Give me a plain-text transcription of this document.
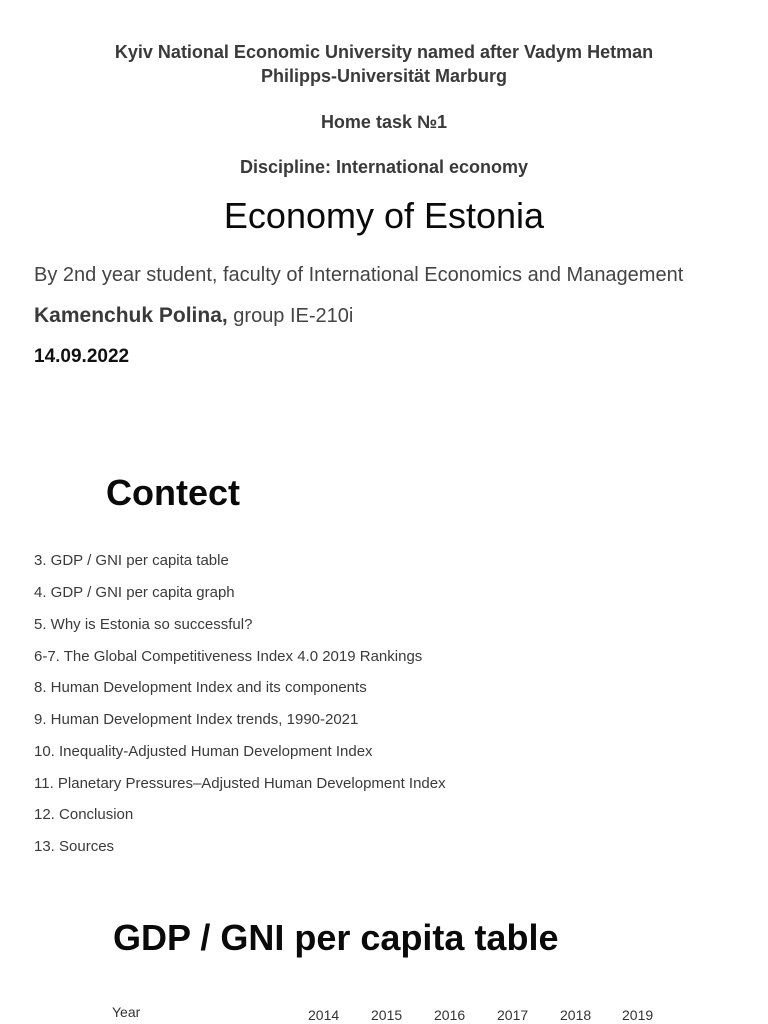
Kyiv National Economic University named after Vadym Hetman
Philipps-Universität Marburg
Home task №1
Discipline: International economy
Economy of Estonia
By 2nd year student, faculty of International Economics and Management
Kamenchuk Polina, group IE-210i
14.09.2022
Contect
3. GDP / GNI per capita table
4. GDP / GNI per capita graph
5. Why is Estonia so successful?
6-7. The Global Competitiveness Index 4.0 2019 Rankings
8. Human Development Index and its components
9. Human Development Index trends, 1990-2021
10. Inequality-Adjusted Human Development Index
11. Planetary Pressures–Adjusted Human Development Index
12. Conclusion
13. Sources
GDP / GNI per capita table
Year	2014 2015 2016 2017 2018 2019
